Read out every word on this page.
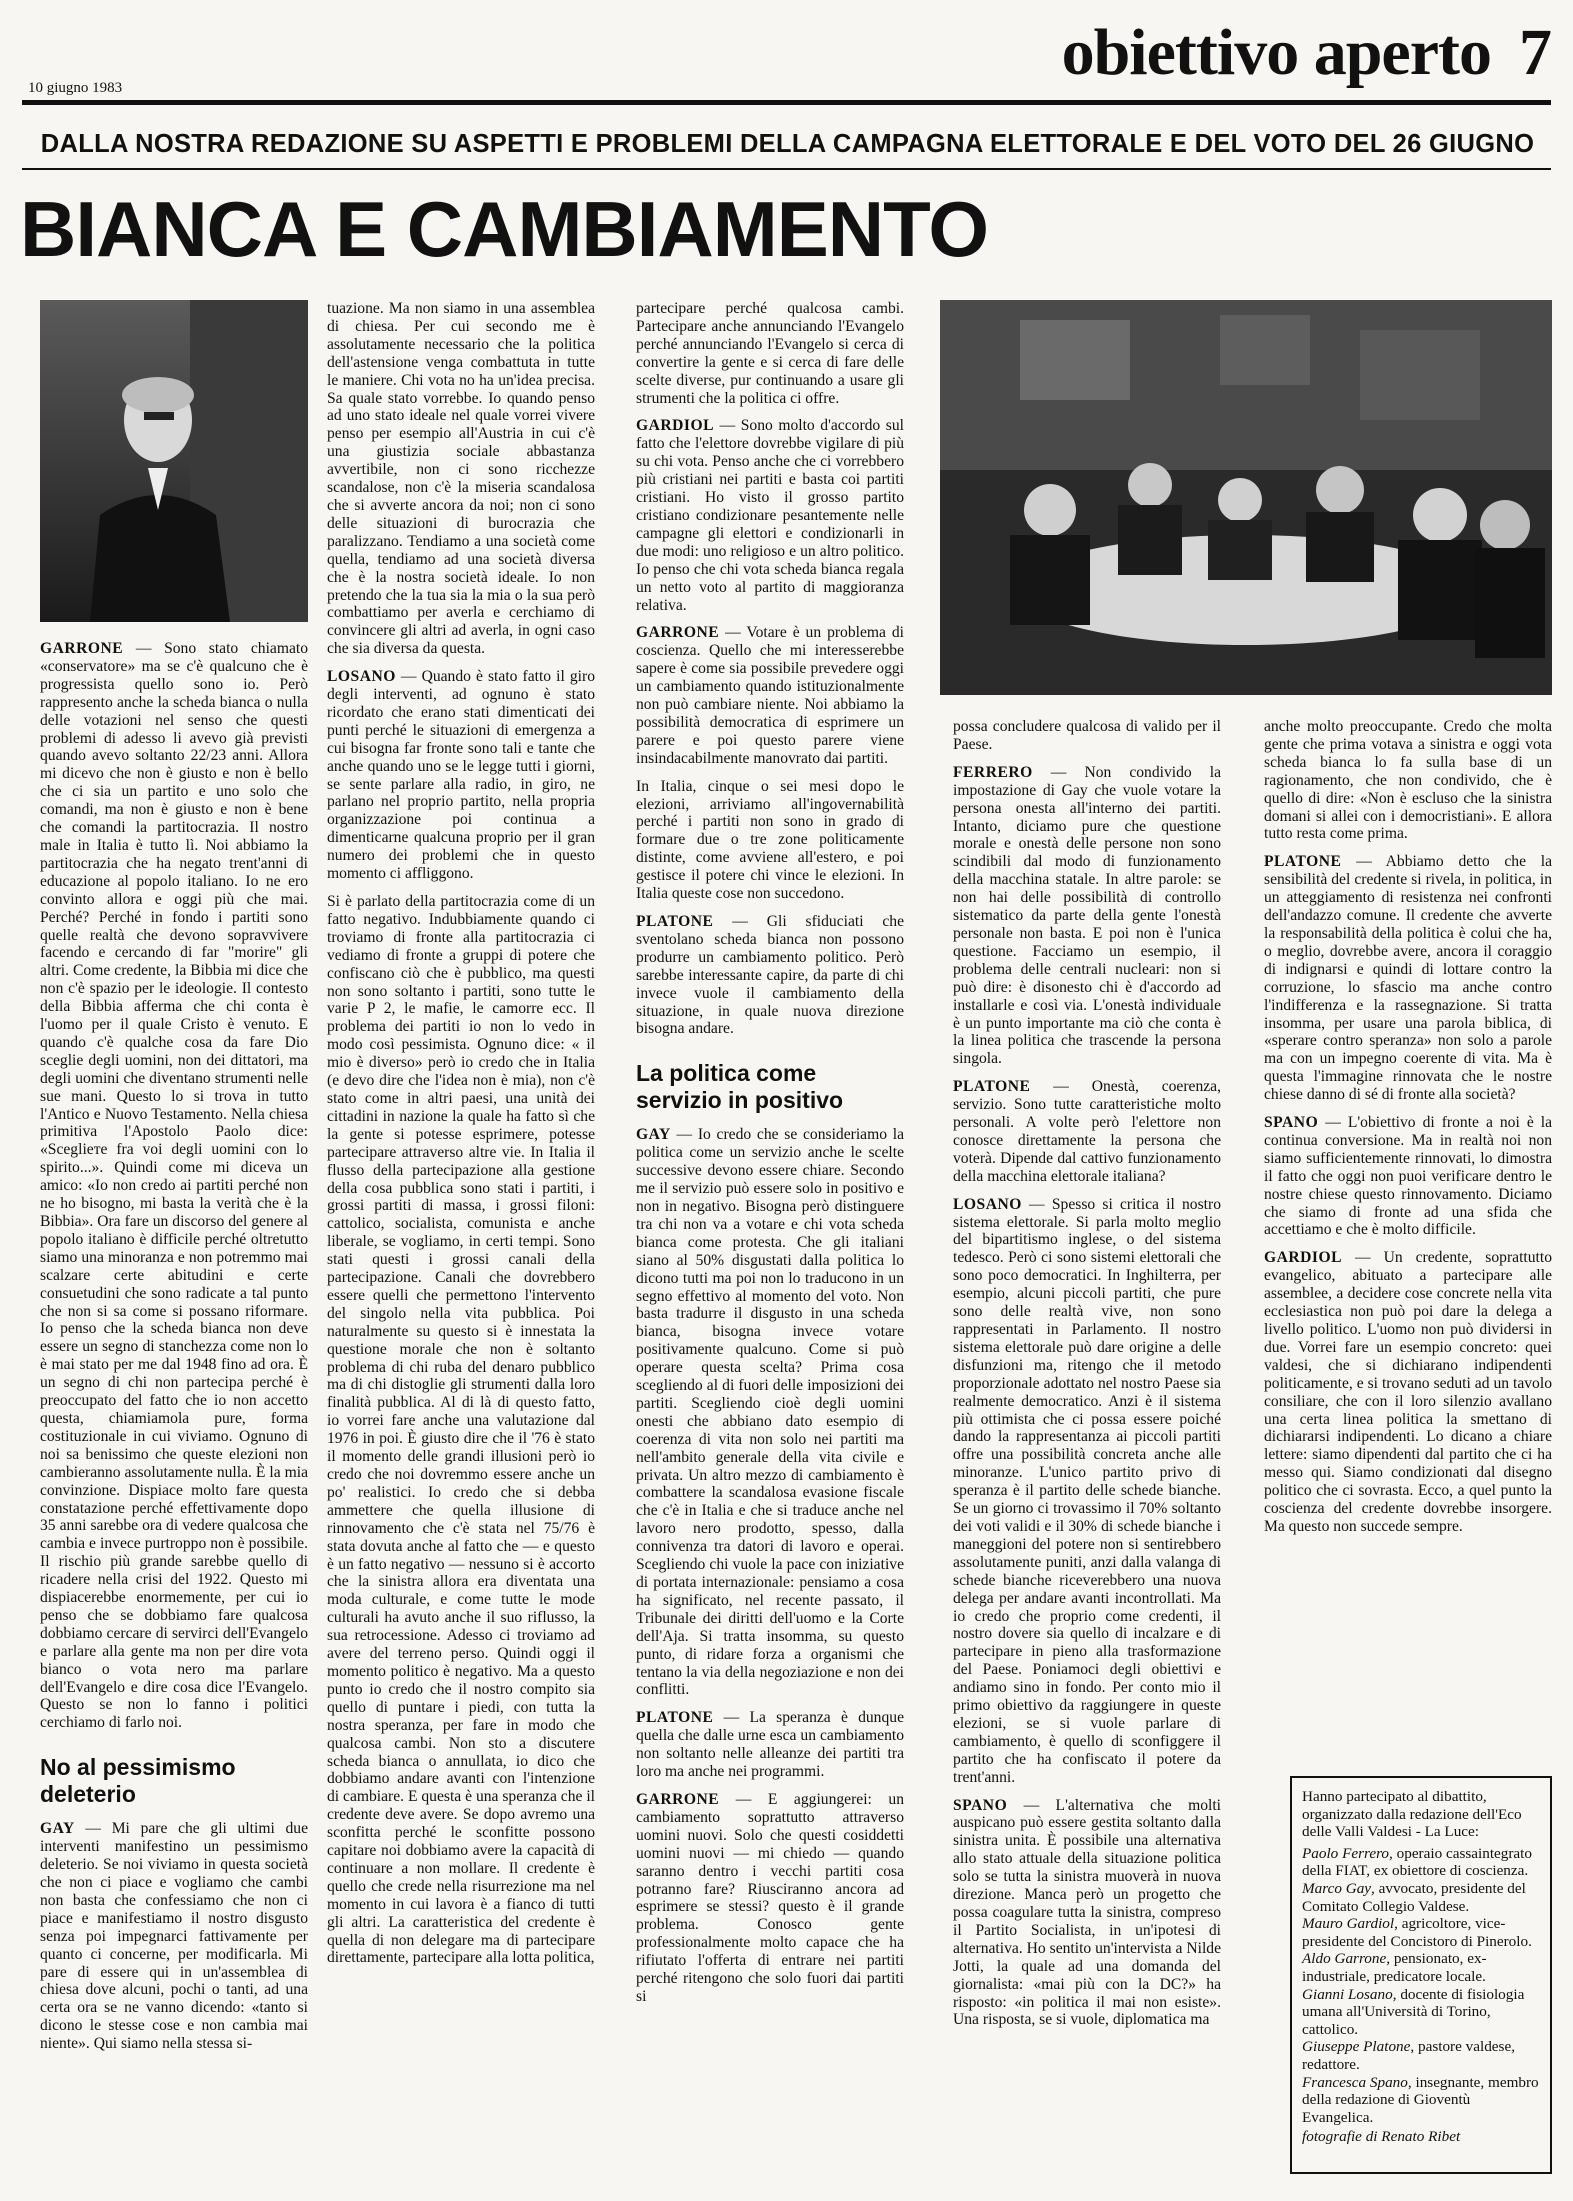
10 giugno 1983	obiettivo aperto 7
DALLA NOSTRA REDAZIONE SU ASPETTI E PROBLEMI DELLA CAMPAGNA ELETTORALE E DEL VOTO DEL 26 GIUGNO
BIANCA E CAMBIAMENTO

GARRONE — Sono stato chiamato «conservatore» ma se c'è qualcuno che è progressista quello sono io. Però rappresento anche la scheda bianca o nulla delle votazioni nel senso che questi problemi di adesso li avevo già previsti quando avevo soltanto 22/23 anni. Allora mi dicevo che non è giusto e non è bello che ci sia un partito e uno solo che comandi, ma non è giusto e non è bene che comandi la partitocrazia. Il nostro male in Italia è tutto lì. Noi abbiamo la partitocrazia che ha negato trent'anni di educazione al popolo italiano. Io ne ero convinto allora e oggi più che mai. Perché? Perché in fondo i partiti sono quelle realtà che devono sopravvivere facendo e cercando di far "morire" gli altri. Come credente, la Bibbia mi dice che non c'è spazio per le ideologie. Il contesto della Bibbia afferma che chi conta è l'uomo per il quale Cristo è venuto. E quando c'è qualche cosa da fare Dio sceglie degli uomini, non dei dittatori, ma degli uomini che diventano strumenti nelle sue mani. Questo lo si trova in tutto l'Antico e Nuovo Testamento. Nella chiesa primitiva l'Apostolo Paolo dice: «Sceglieте fra voi degli uomini con lo spirito...». Quindi come mi diceva un amico: «Io non credo ai partiti perché non ne ho bisogno, mi basta la verità che è la Bibbia». Ora fare un discorso del genere al popolo italiano è difficile perché oltretutto siamo una minoranza e non potremmo mai scalzare certe abitudini e certe consuetudini che sono radicate a tal punto che non si sa come si possano riformare. Io penso che la scheda bianca non deve essere un segno di stanchezza come non lo è mai stato per me dal 1948 fino ad ora. È un segno di chi non partecipa perché è preoccupato del fatto che io non accetto questa, chiamiamola pure, forma costituzionale in cui viviamo. Ognuno di noi sa benissimo che queste elezioni non cambieranno assolutamente nulla. È la mia convinzione. Dispiace molto fare questa constatazione perché effettivamente dopo 35 anni sarebbe ora di vedere qualcosa che cambia e invece purtroppo non è possibile. Il rischio più grande sarebbe quello di ricadere nella crisi del 1922. Questo mi dispiacerebbe enormemente, per cui io penso che se dobbiamo fare qualcosa dobbiamo cercare di servirci dell'Evangelo e parlare alla gente ma non per dire vota bianco o vota nero ma parlare dell'Evangelo e dire cosa dice l'Evangelo. Questo se non lo fanno i politici cerchiamo di farlo noi.

No al pessimismo deleterio

GAY — Mi pare che gli ultimi due interventi manifestino un pessimismo deleterio. Se noi viviamo in questa società che non ci piace e vogliamo che cambi non basta che confessiamo che non ci piace e manifestiamo il nostro disgusto senza poi impegnarci fattivamente per quanto ci concerne, per modificarla. Mi pare di essere qui in un'assemblea di chiesa dove alcuni, pochi o tanti, ad una certa ora se ne vanno dicendo: «tanto si dicono le stesse cose e non cambia mai niente». Qui siamo nella stessa si-

tuazione. Ma non siamo in una assemblea di chiesa. Per cui secondo me è assolutamente necessario che la politica dell'astensione venga combattuta in tutte le maniere. Chi vota no ha un'idea precisa. Sa quale stato vorrebbe. Io quando penso ad uno stato ideale nel quale vorrei vivere penso per esempio all'Austria in cui c'è una giustizia sociale abbastanza avvertibile, non ci sono ricchezze scandalose, non c'è la miseria scandalosa che si avverte ancora da noi; non ci sono delle situazioni di burocrazia che paralizzano. Tendiamo a una società come quella, tendiamo ad una società diversa che è la nostra società ideale. Io non pretendo che la tua sia la mia o la sua però combattiamo per averla e cerchiamo di convincere gli altri ad averla, in ogni caso che sia diversa da questa.

LOSANO — Quando è stato fatto il giro degli interventi, ad ognuno è stato ricordato che erano stati dimenticati dei punti perché le situazioni di emergenza a cui bisogna far fronte sono tali e tante che anche quando uno se le legge tutti i giorni, se sente parlare alla radio, in giro, ne parlano nel proprio partito, nella propria organizzazione poi continua a dimenticarne qualcuna proprio per il gran numero dei problemi che in questo momento ci affliggono.

Si è parlato della partitocrazia come di un fatto negativo. Indubbiamente quando ci troviamo di fronte alla partitocrazia ci vediamo di fronte a gruppi di potere che confiscano ciò che è pubblico, ma questi non sono soltanto i partiti, sono tutte le varie P 2, le mafie, le camorre ecc. Il problema dei partiti io non lo vedo in modo così pessimista. Ognuno dice: « il mio è diverso» però io credo che in Italia (e devo dire che l'idea non è mia), non c'è stato come in altri paesi, una unità dei cittadini in nazione la quale ha fatto sì che la gente si potesse esprimere, potesse partecipare attraverso altre vie. In Italia il flusso della partecipazione alla gestione della cosa pubblica sono stati i partiti, i grossi partiti di massa, i grossi filoni: cattolico, socialista, comunista e anche liberale, se vogliamo, in certi tempi. Sono stati questi i grossi canali della partecipazione. Canali che dovrebbero essere quelli che permettono l'intervento del singolo nella vita pubblica. Poi naturalmente su questo si è innestata la questione morale che non è soltanto problema di chi ruba del denaro pubblico ma di chi distoglie gli strumenti dalla loro finalità pubblica. Al di là di questo fatto, io vorrei fare anche una valutazione dal 1976 in poi. È giusto dire che il '76 è stato il momento delle grandi illusioni però io credo che noi dovremmo essere anche un po' realistici. Io credo che si debba ammettere che quella illusione di rinnovamento che c'è stata nel 75/76 è stata dovuta anche al fatto che — e questo è un fatto negativo — nessuno si è accorto che la sinistra allora era diventata una moda culturale, e come tutte le mode culturali ha avuto anche il suo riflusso, la sua retrocessione. Adesso ci troviamo ad avere del terreno perso. Quindi oggi il momento politico è negativo. Ma a questo punto io credo che il nostro compito sia quello di puntare i piedi, con tutta la nostra speranza, per fare in modo che qualcosa cambi. Non sto a discutere scheda bianca o annullata, io dico che dobbiamo andare avanti con l'intenzione di cambiare. E questa è una speranza che il credente deve avere. Se dopo avremo una sconfitta perché le sconfitte possono capitare noi dobbiamo avere la capacità di continuare a non mollare. Il credente è quello che crede nella risurrezione ma nel momento in cui lavora è a fianco di tutti gli altri. La caratteristica del credente è quella di non delegare ma di partecipare direttamente, partecipare alla lotta politica,

partecipare perché qualcosa cambi. Partecipare anche annunciando l'Evangelo perché annunciando l'Evangelo si cerca di convertire la gente e si cerca di fare delle scelte diverse, pur continuando a usare gli strumenti che la politica ci offre.

GARDIOL — Sono molto d'accordo sul fatto che l'elettore dovrebbe vigilare di più su chi vota. Penso anche che ci vorrebbero più cristiani nei partiti e basta coi partiti cristiani. Ho visto il grosso partito cristiano condizionare pesantemente nelle campagne gli elettori e condizionarli in due modi: uno religioso e un altro politico. Io penso che chi vota scheda bianca regala un netto voto al partito di maggioranza relativa.

GARRONE — Votare è un problema di coscienza. Quello che mi interesserebbe sapere è come sia possibile prevedere oggi un cambiamento quando istituzionalmente non può cambiare niente. Noi abbiamo la possibilità democratica di esprimere un parere e poi questo parere viene insindacabilmente manovrato dai partiti.

In Italia, cinque o sei mesi dopo le elezioni, arriviamo all'ingovernabilità perché i partiti non sono in grado di formare due o tre zone politicamente distinte, come avviene all'estero, e poi gestisce il potere chi vince le elezioni. In Italia queste cose non succedono.

PLATONE — Gli sfiduciati che sventolano scheda bianca non possono produrre un cambiamento politico. Però sarebbe interessante capire, da parte di chi invece vuole il cambiamento della situazione, in quale nuova direzione bisogna andare.

La politica come servizio in positivo

GAY — Io credo che se consideriamo la politica come un servizio anche le scelte successive devono essere chiare. Secondo me il servizio può essere solo in positivo e non in negativo. Bisogna però distinguere tra chi non va a votare e chi vota scheda bianca come protesta. Che gli italiani siano al 50% disgustati dalla politica lo dicono tutti ma poi non lo traducono in un segno effettivo al momento del voto. Non basta tradurre il disgusto in una scheda bianca, bisogna invece votare positivamente qualcuno. Come si può operare questa scelta? Prima cosa scegliendo al di fuori delle imposizioni dei partiti. Scegliendo cioè degli uomini onesti che abbiano dato esempio di coerenza di vita non solo nei partiti ma nell'ambito generale della vita civile e privata. Un altro mezzo di cambiamento è combattere la scandalosa evasione fiscale che c'è in Italia e che si traduce anche nel lavoro nero prodotto, spesso, dalla connivenza tra datori di lavoro e operai. Scegliendo chi vuole la pace con iniziative di portata internazionale: pensiamo a cosa ha significato, nel recente passato, il Tribunale dei diritti dell'uomo e la Corte dell'Aja. Si tratta insomma, su questo punto, di ridare forza a organismi che tentano la via della negoziazione e non dei conflitti.

PLATONE — La speranza è dunque quella che dalle urne esca un cambiamento non soltanto nelle alleanze dei partiti tra loro ma anche nei programmi.

GARRONE — E aggiungerei: un cambiamento soprattutto attraverso uomini nuovi. Solo che questi cosiddetti uomini nuovi — mi chiedo — quando saranno dentro i vecchi partiti cosa potranno fare? Riusciranno ancora ad esprimere se stessi? questo è il grande problema. Conosco gente professionalmente molto capace che ha rifiutato l'offerta di entrare nei partiti perché ritengono che solo fuori dai partiti si

possa concludere qualcosa di valido per il Paese.

FERRERO — Non condivido la impostazione di Gay che vuole votare la persona onesta all'interno dei partiti. Intanto, diciamo pure che questione morale e onestà delle persone non sono scindibili dal modo di funzionamento della macchina statale. In altre parole: se non hai delle possibilità di controllo sistematico da parte della gente l'onestà personale non basta. E poi non è l'unica questione. Facciamo un esempio, il problema delle centrali nucleari: non si può dire: è disonesto chi è d'accordo ad installarle e così via. L'onestà individuale è un punto importante ma ciò che conta è la linea politica che trascende la persona singola.

PLATONE — Onestà, coerenza, servizio. Sono tutte caratteristiche molto personali. A volte però l'elettore non conosce direttamente la persona che voterà. Dipende dal cattivo funzionamento della macchina elettorale italiana?

LOSANO — Spesso si critica il nostro sistema elettorale. Si parla molto meglio del bipartitismo inglese, o del sistema tedesco. Però ci sono sistemi elettorali che sono poco democratici. In Inghilterra, per esempio, alcuni piccoli partiti, che pure sono delle realtà vive, non sono rappresentati in Parlamento. Il nostro sistema elettorale può dare origine a delle disfunzioni ma, ritengo che il metodo proporzionale adottato nel nostro Paese sia realmente democratico. Anzi è il sistema più ottimista che ci possa essere poiché dando la rappresentanza ai piccoli partiti offre una possibilità concreta anche alle minoranze. L'unico partito privo di speranza è il partito delle schede bianche. Se un giorno ci trovassimo il 70% soltanto dei voti validi e il 30% di schede bianche i maneggioni del potere non si sentirebbero assolutamente puniti, anzi dalla valanga di schede bianche riceverebbero una nuova delega per andare avanti incontrollati. Ma io credo che proprio come credenti, il nostro dovere sia quello di incalzare e di partecipare in pieno alla trasformazione del Paese. Poniamoci degli obiettivi e andiamo sino in fondo. Per conto mio il primo obiettivo da raggiungere in queste elezioni, se si vuole parlare di cambiamento, è quello di sconfiggere il partito che ha confiscato il potere da trent'anni.

SPANO — L'alternativa che molti auspicano può essere gestita soltanto dalla sinistra unita. È possibile una alternativa allo stato attuale della situazione politica solo se tutta la sinistra muoverà in nuova direzione. Manca però un progetto che possa coagulare tutta la sinistra, compreso il Partito Socialista, in un'ipotesi di alternativa. Ho sentito un'intervista a Nilde Jotti, la quale ad una domanda del giornalista: «mai più con la DC?» ha risposto: «in politica il mai non esiste». Una risposta, se si vuole, diplomatica ma

anche molto preoccupante. Credo che molta gente che prima votava a sinistra e oggi vota scheda bianca lo fa sulla base di un ragionamento, che non condivido, che è quello di dire: «Non è escluso che la sinistra domani si allei con i democristiani». E allora tutto resta come prima.

PLATONE — Abbiamo detto che la sensibilità del credente si rivela, in politica, in un atteggiamento di resistenza nei confronti dell'andazzo comune. Il credente che avverte la responsabilità della politica è colui che ha, o meglio, dovrebbe avere, ancora il coraggio di indignarsi e quindi di lottare contro la corruzione, lo sfascio ma anche contro l'indifferenza e la rassegnazione. Si tratta insomma, per usare una parola biblica, di «sperare contro speranza» non solo a parole ma con un impegno coerente di vita. Ma è questa l'immagine rinnovata che le nostre chiese danno di sé di fronte alla società?

SPANO — L'obiettivo di fronte a noi è la continua conversione. Ma in realtà noi non siamo sufficientemente rinnovati, lo dimostra il fatto che oggi non puoi verificare dentro le nostre chiese questo rinnovamento. Diciamo che siamo di fronte ad una sfida che accettiamo e che è molto difficile.

GARDIOL — Un credente, soprattutto evangelico, abituato a partecipare alle assemblee, a decidere cose concrete nella vita ecclesiastica non può poi dare la delega a livello politico. L'uomo non può dividersi in due. Vorrei fare un esempio concreto: quei valdesi, che si dichiarano indipendenti politicamente, e si trovano seduti ad un tavolo consiliare, che con il loro silenzio avallano una certa linea politica la smettano di dichiararsi indipendenti. Lo dicano a chiare lettere: siamo dipendenti dal partito che ci ha messo qui. Siamo condizionati dal disegno politico che ci sovrasta. Ecco, a quel punto la coscienza del credente dovrebbe insorgere. Ma questo non succede sempre.

Hanno partecipato al dibattito, organizzato dalla redazione dell'Eco delle Valli Valdesi - La Luce:

Paolo Ferrero, operaio cassaintegrato della FIAT, ex obiettore di coscienza.

Marco Gay, avvocato, presidente del Comitato Collegio Valdese.

Mauro Gardiol, agricoltore, vice-presidente del Concistoro di Pinerolo.

Aldo Garrone, pensionato, ex-industriale, predicatore locale.

Gianni Losano, docente di fisiologia umana all'Università di Torino, cattolico.

Giuseppe Platone, pastore valdese, redattore.

Francesca Spano, insegnante, membro della redazione di Gioventù Evangelica.

fotografie di Renato Ribet
